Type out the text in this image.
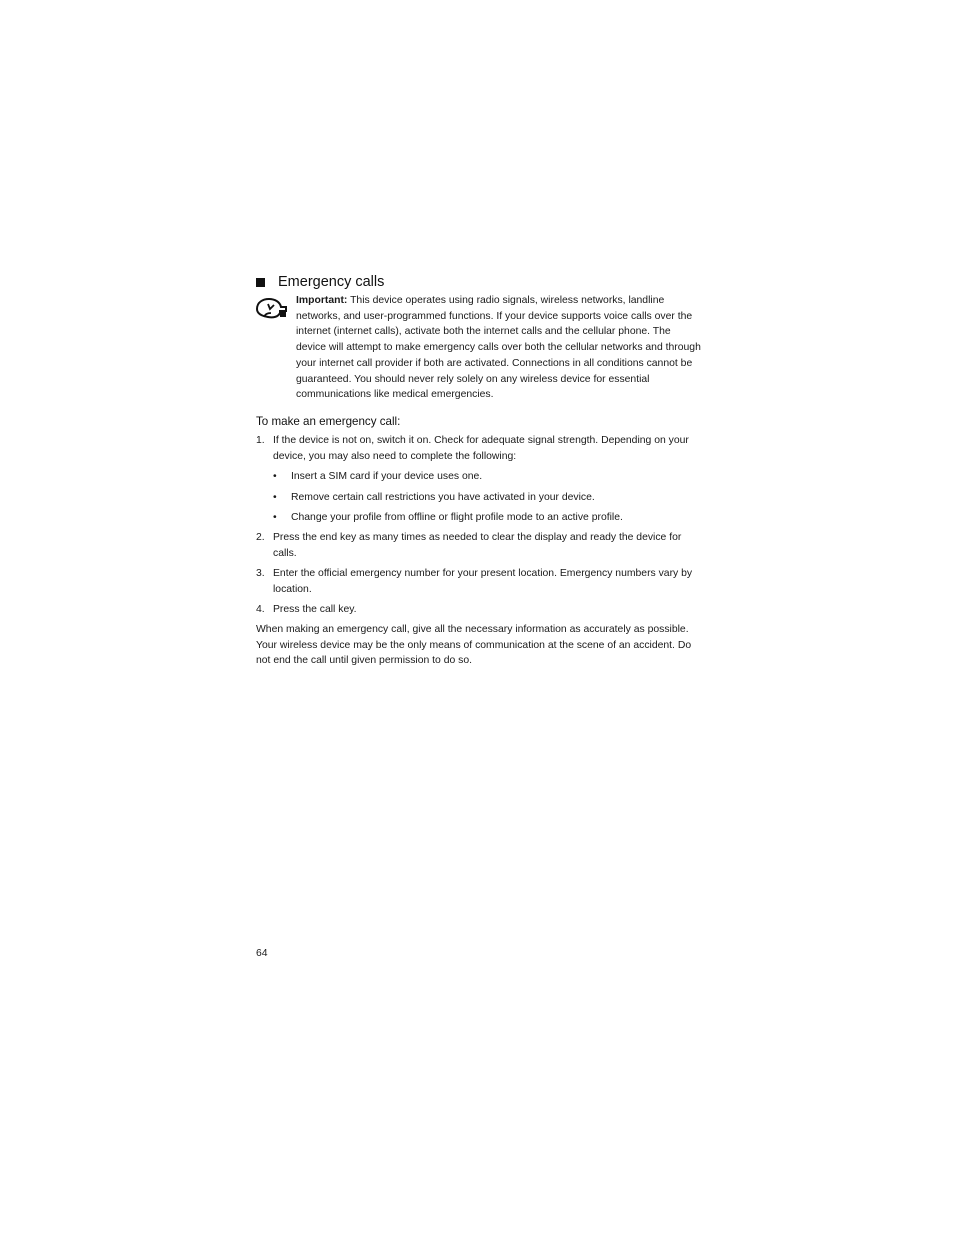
Emergency calls
Important: This device operates using radio signals, wireless networks, landline networks, and user-programmed functions. If your device supports voice calls over the internet (internet calls), activate both the internet calls and the cellular phone. The device will attempt to make emergency calls over both the cellular networks and through your internet call provider if both are activated. Connections in all conditions cannot be guaranteed. You should never rely solely on any wireless device for essential communications like medical emergencies.
To make an emergency call:
1. If the device is not on, switch it on. Check for adequate signal strength. Depending on your device, you may also need to complete the following:
• Insert a SIM card if your device uses one.
• Remove certain call restrictions you have activated in your device.
• Change your profile from offline or flight profile mode to an active profile.
2. Press the end key as many times as needed to clear the display and ready the device for calls.
3. Enter the official emergency number for your present location. Emergency numbers vary by location.
4. Press the call key.
When making an emergency call, give all the necessary information as accurately as possible. Your wireless device may be the only means of communication at the scene of an accident. Do not end the call until given permission to do so.
64
